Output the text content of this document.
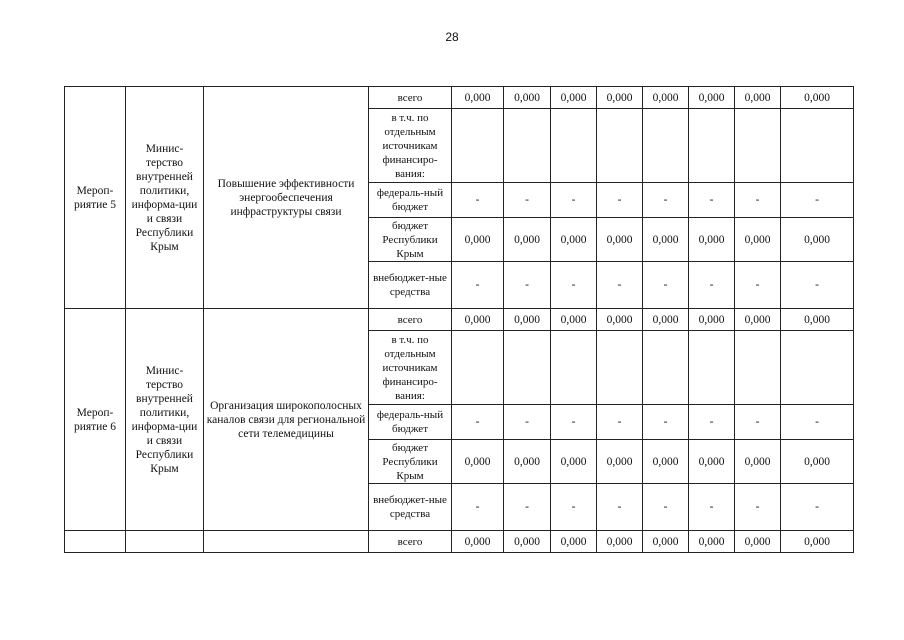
28
Мероп-риятие 5	Минис-терство внутренней политики, информа-ции и связи Республики Крым	Повышение эффективности энергообеспечения инфраструктуры связи	всего	0,000	0,000	0,000	0,000	0,000	0,000	0,000	0,000
			в т.ч. по отдельным источникам финансиро-вания:								
			федераль-ный бюджет	-	-	-	-	-	-	-	-
			бюджет Республики Крым	0,000	0,000	0,000	0,000	0,000	0,000	0,000	0,000
			внебюджет-ные средства	-	-	-	-	-	-	-	-
Мероп-риятие 6	Минис-терство внутренней политики, информа-ции и связи Республики Крым	Организация широкополосных каналов связи для региональной сети телемедицины	всего	0,000	0,000	0,000	0,000	0,000	0,000	0,000	0,000
			в т.ч. по отдельным источникам финансиро-вания:								
			федераль-ный бюджет	-	-	-	-	-	-	-	-
			бюджет Республики Крым	0,000	0,000	0,000	0,000	0,000	0,000	0,000	0,000
			внебюджет-ные средства	-	-	-	-	-	-	-	-
			всего	0,000	0,000	0,000	0,000	0,000	0,000	0,000	0,000
